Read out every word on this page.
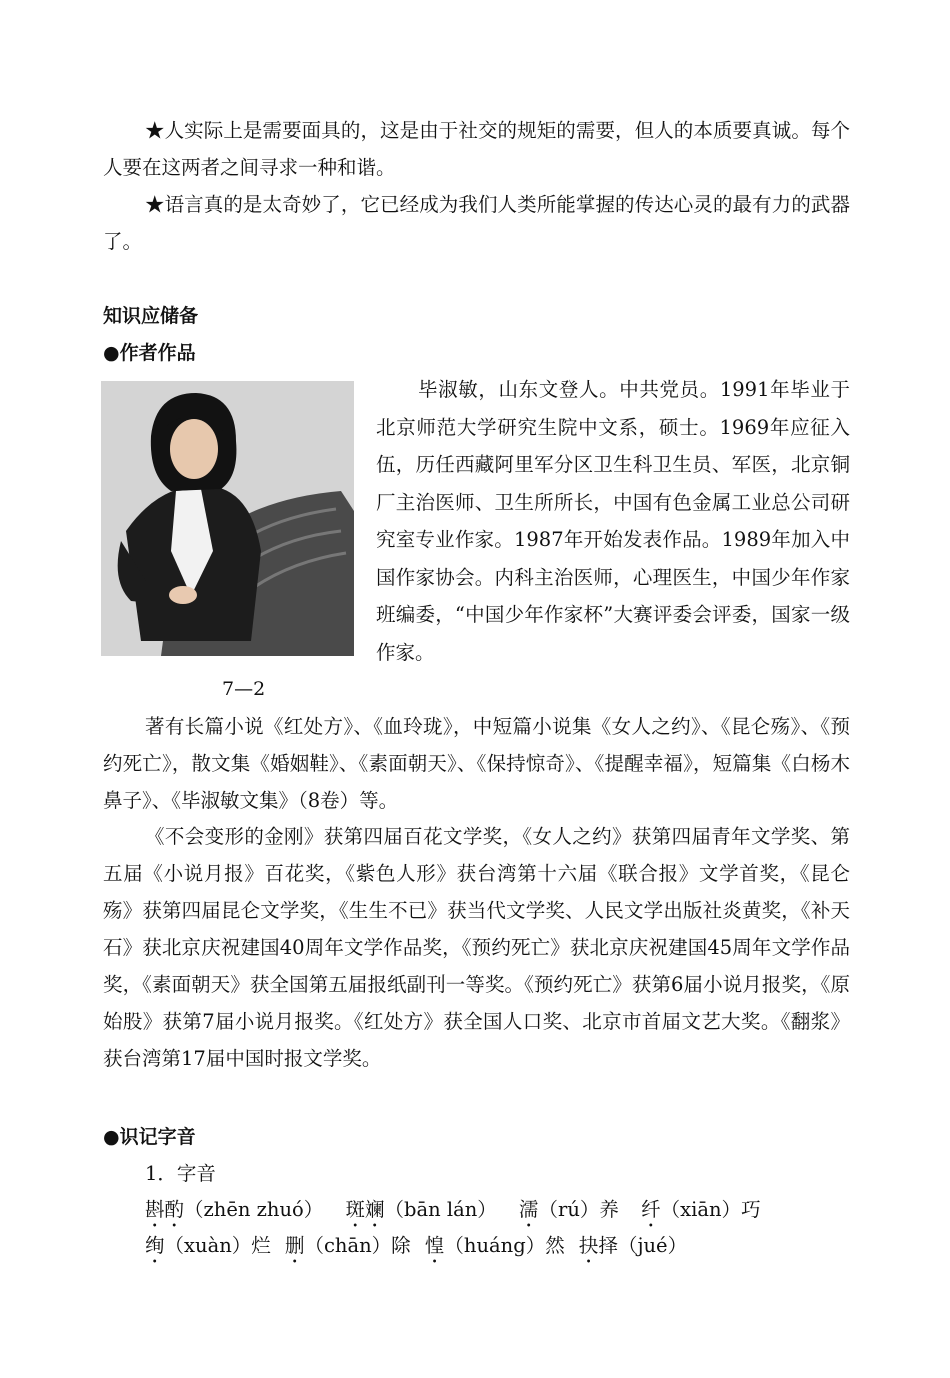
★人实际上是需要面具的，这是由于社交的规矩的需要，但人的本质要真诚。每个人要在这两者之间寻求一种和谐。

★语言真的是太奇妙了，它已经成为我们人类所能掌握的传达心灵的最有力的武器了。

知识应储备
●作者作品

毕淑敏，山东文登人。中共党员。1991年毕业于北京师范大学研究生院中文系，硕士。1969年应征入伍，历任西藏阿里军分区卫生科卫生员、军医，北京铜厂主治医师、卫生所所长，中国有色金属工业总公司研究室专业作家。1987年开始发表作品。1989年加入中国作家协会。内科主治医师，心理医生，中国少年作家班编委，“中国少年作家杯”大赛评委会评委，国家一级作家。

7—2

著有长篇小说《红处方》、《血玲珑》，中短篇小说集《女人之约》、《昆仑殇》、《预约死亡》，散文集《婚姻鞋》、《素面朝天》、《保持惊奇》、《提醒幸福》，短篇集《白杨木鼻子》、《毕淑敏文集》（8卷）等。

《不会变形的金刚》获第四届百花文学奖，《女人之约》获第四届青年文学奖、第五届《小说月报》百花奖，《紫色人形》获台湾第十六届《联合报》文学首奖，《昆仑殇》获第四届昆仑文学奖，《生生不已》获当代文学奖、人民文学出版社炎黄奖，《补天石》获北京庆祝建国40周年文学作品奖，《预约死亡》获北京庆祝建国45周年文学作品奖，《素面朝天》获全国第五届报纸副刊一等奖。《预约死亡》获第6届小说月报奖，《原始股》获第7届小说月报奖。《红处方》获全国人口奖、北京市首届文艺大奖。《翻浆》获台湾第17届中国时报文学奖。

●识记字音
1．字音
斟酌（zhēn zhuó） 斑斓（bān lán） 濡（rú）养 纤（xiān）巧
绚（xuàn）烂 删（chān）除 惶（huáng）然 抉择（jué）
